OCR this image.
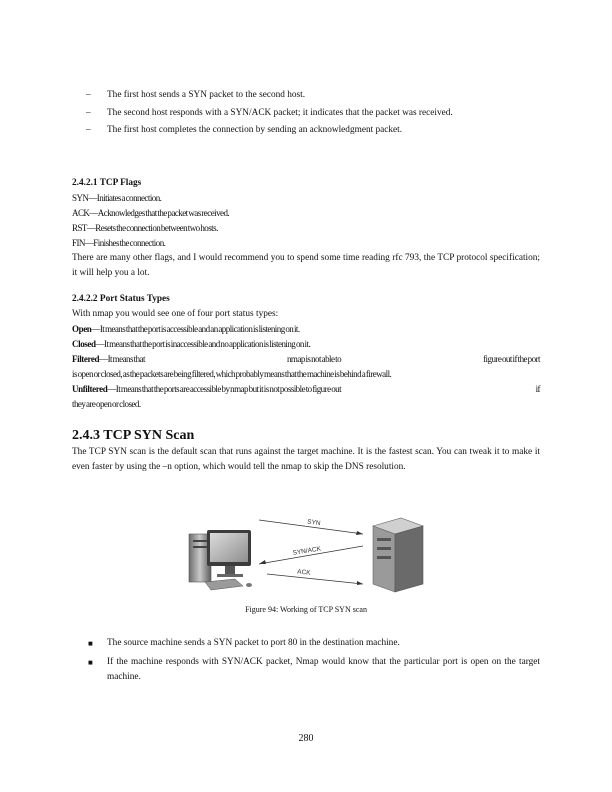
– The first host sends a SYN packet to the second host.
– The second host responds with a SYN/ACK packet; it indicates that the packet was received.
– The first host completes the connection by sending an acknowledgment packet.
2.4.2.1 TCP Flags
SYN—Initiates a connection.
ACK—Acknowledges that the packet was received.
RST—Resets the connection between two hosts.
FIN—Finishes the connection.
There are many other flags, and I would recommend you to spend some time reading rfc 793, the TCP protocol specification; it will help you a lot.
2.4.2.2 Port Status Types
With nmap you would see one of four port status types:
Open—It means that the port is accessible and an application is listening on it.
Closed—It means that the port is inaccessible and no application is listening on it.
Filtered—It means that	nmap is not able to	figure out if the port
is open or closed, as the packets are being filtered, which probably means that the machine is behind a firewall.
Unfiltered—It means that the ports are accessible by nmap but it is not possible to figure out	if
they are open or closed.
2.4.3 TCP SYN Scan
The TCP SYN scan is the default scan that runs against the target machine. It is the fastest scan. You can tweak it to make it even faster by using the –n option, which would tell the nmap to skip the DNS resolution.
SYN
SYN/ACK
ACK
Figure 94: Working of TCP SYN scan
■ The source machine sends a SYN packet to port 80 in the destination machine.
■ If the machine responds with SYN/ACK packet, Nmap would know that the particular port is open on the target machine.
280
